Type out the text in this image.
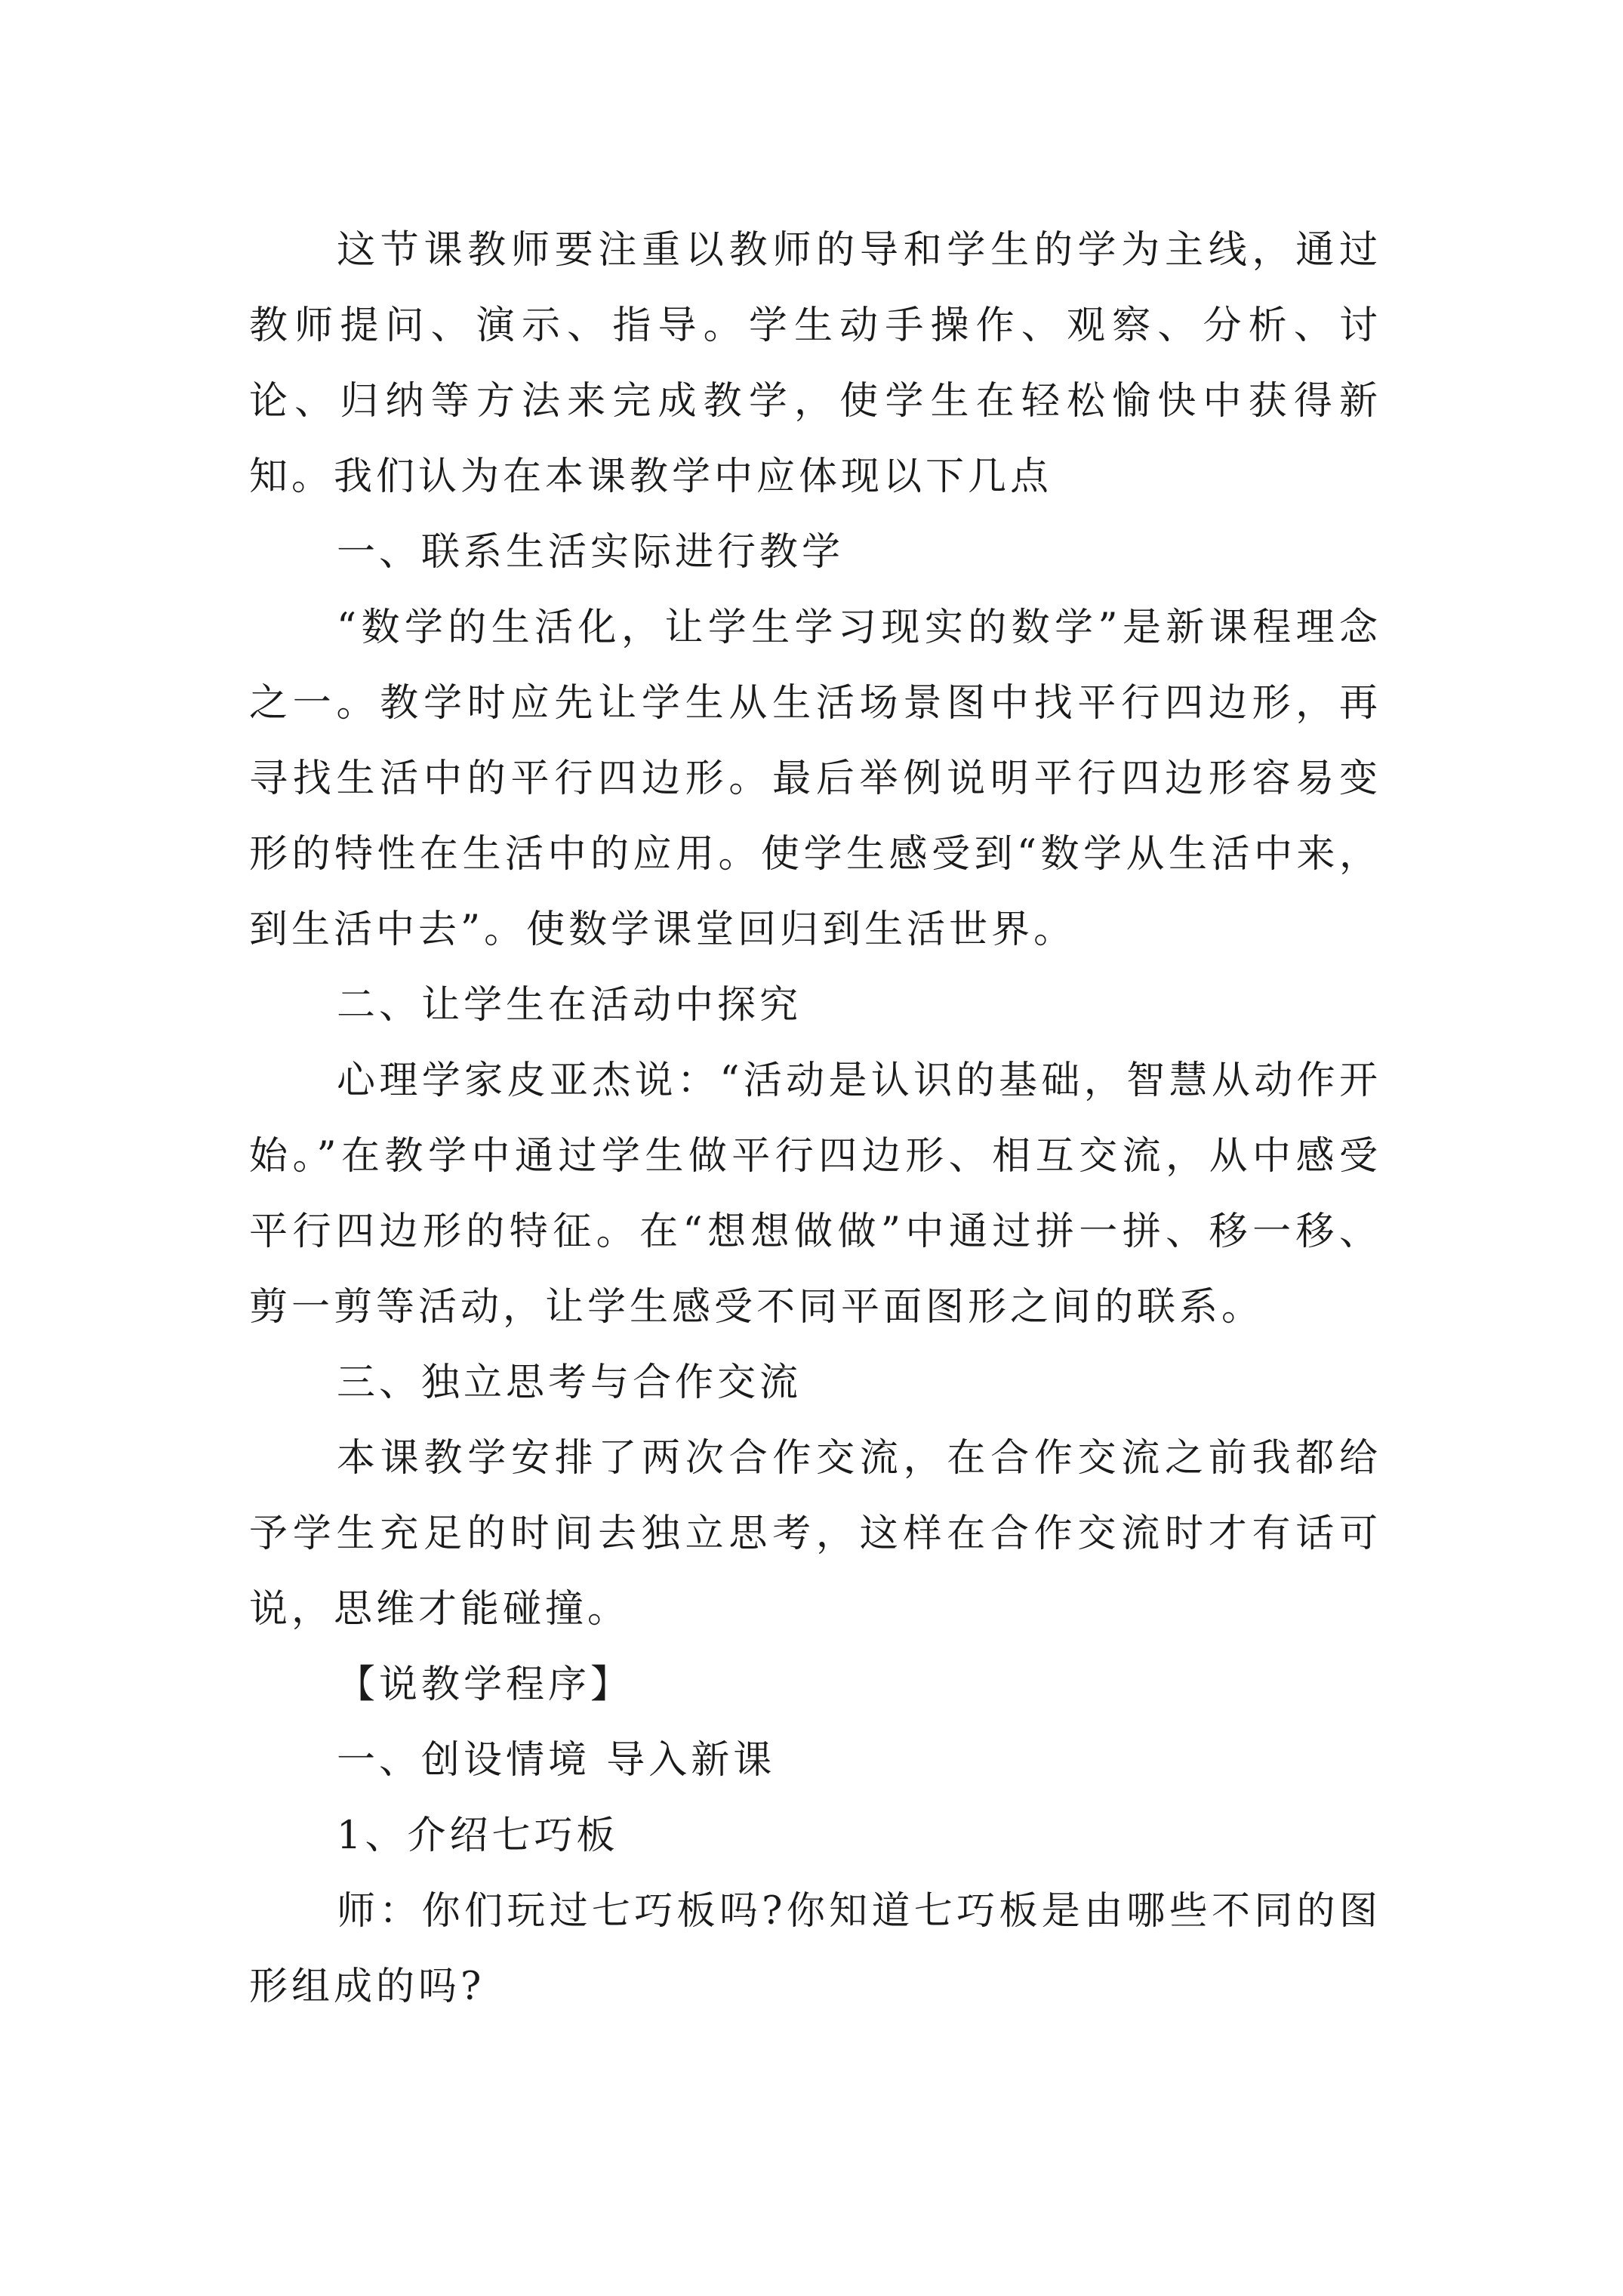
这节课教师要注重以教师的导和学生的学为主线，通过教师提问、演示、指导。学生动手操作、观察、分析、讨论、归纳等方法来完成教学，使学生在轻松愉快中获得新知。我们认为在本课教学中应体现以下几点

一、联系生活实际进行教学

“数学的生活化，让学生学习现实的数学”是新课程理念之一。教学时应先让学生从生活场景图中找平行四边形，再寻找生活中的平行四边形。最后举例说明平行四边形容易变形的特性在生活中的应用。使学生感受到“数学从生活中来，到生活中去”。使数学课堂回归到生活世界。

二、让学生在活动中探究

心理学家皮亚杰说：“活动是认识的基础，智慧从动作开始。”在教学中通过学生做平行四边形、相互交流，从中感受平行四边形的特征。在“想想做做”中通过拼一拼、移一移、剪一剪等活动，让学生感受不同平面图形之间的联系。

三、独立思考与合作交流

本课教学安排了两次合作交流，在合作交流之前我都给予学生充足的时间去独立思考，这样在合作交流时才有话可说，思维才能碰撞。

【说教学程序】

一、创设情境 导入新课

1、介绍七巧板

师：你们玩过七巧板吗?你知道七巧板是由哪些不同的图形组成的吗?
